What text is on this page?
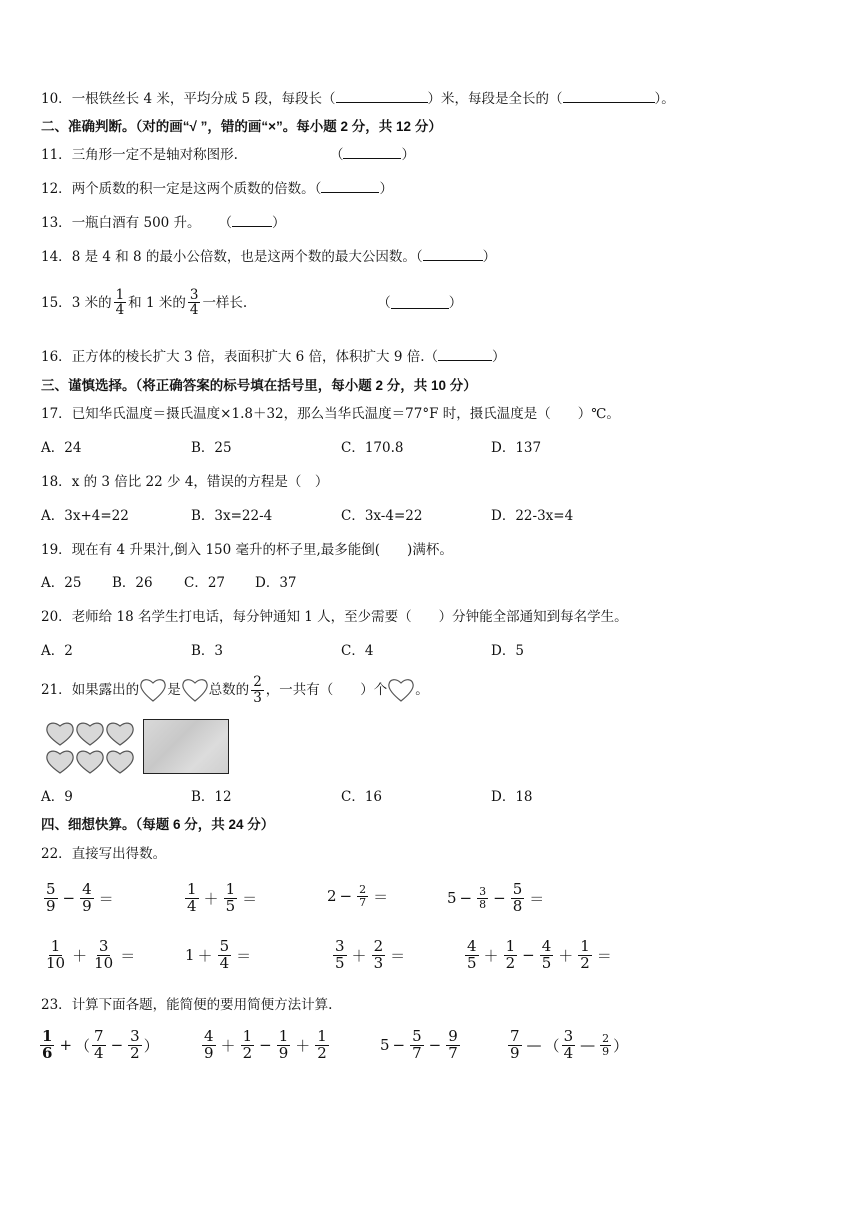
10．一根铁丝长 4 米，平均分成 5 段，每段长（	）米，每段是全长的（	）。
二、准确判断。（对的画“√ ”，错的画“×”。每小题 2 分，共 12 分）
11．三角形一定不是轴对称图形.	（	）
12．两个质数的积一定是这两个质数的倍数。（	）
13．一瓶白酒有 500 升。 （	）
14．8 是 4 和 8 的最小公倍数，也是这两个数的最大公因数。（	）
15． 3 米的 $\frac{1}{4}$ 和 1 米的 $\frac{3}{4}$ 一样长.	（	）
16．正方体的棱长扩大 3 倍，表面积扩大 6 倍，体积扩大 9 倍.（	）
三、谨慎选择。（将正确答案的标号填在括号里，每小题 2 分，共 10 分）
17．已知华氏温度＝摄氏温度×1.8＋32，那么当华氏温度＝77°F 时，摄氏温度是（　　）℃。
A．24	B．25	C．170.8	D．137
18．x 的 3 倍比 22 少 4，错误的方程是（　）
A．3x+4=22	B．3x=22-4	C．3x-4=22	D．22-3x=4
19．现在有 4 升果汁,倒入 150 毫升的杯子里,最多能倒(　　)满杯。
A．25 B．26 C．27 D．37
20．老师给 18 名学生打电话，每分钟通知 1 人，至少需要（　　）分钟能全部通知到每名学生。
A．2	B．3	C．4	D．5
21． 如果露出的 是 总数的 $\frac{2}{3}$ ，一共有（　　）个 。
A．9	B．12	C．16	D．18
四、细想快算。（每题 6 分，共 24 分）
22．直接写出得数。
$\frac{5}{9} - \frac{4}{9}$ ＝	$\frac{1}{4} + \frac{1}{5}$ ＝	$2 - \frac{2}{7}$ ＝	$5 - \frac{3}{8} - \frac{5}{8}$ ＝
$\frac{1}{10} + \frac{3}{10}$ ＝	$1 + \frac{5}{4}$ ＝	$\frac{3}{5} + \frac{2}{3}$ ＝	$\frac{4}{5} + \frac{1}{2} - \frac{4}{5} + \frac{1}{2}$ ＝
23．计算下面各题，能简便的要用简便方法计算.
$\frac{1}{6}$ + （ $\frac{7}{4} - \frac{3}{2}$ ）	$\frac{4}{9} + \frac{1}{2} - \frac{1}{9} + \frac{1}{2}$	$5 - \frac{5}{7} - \frac{9}{7}$	$\frac{7}{9}$ — （ $\frac{3}{4}$ — $\frac{2}{9}$ ）
